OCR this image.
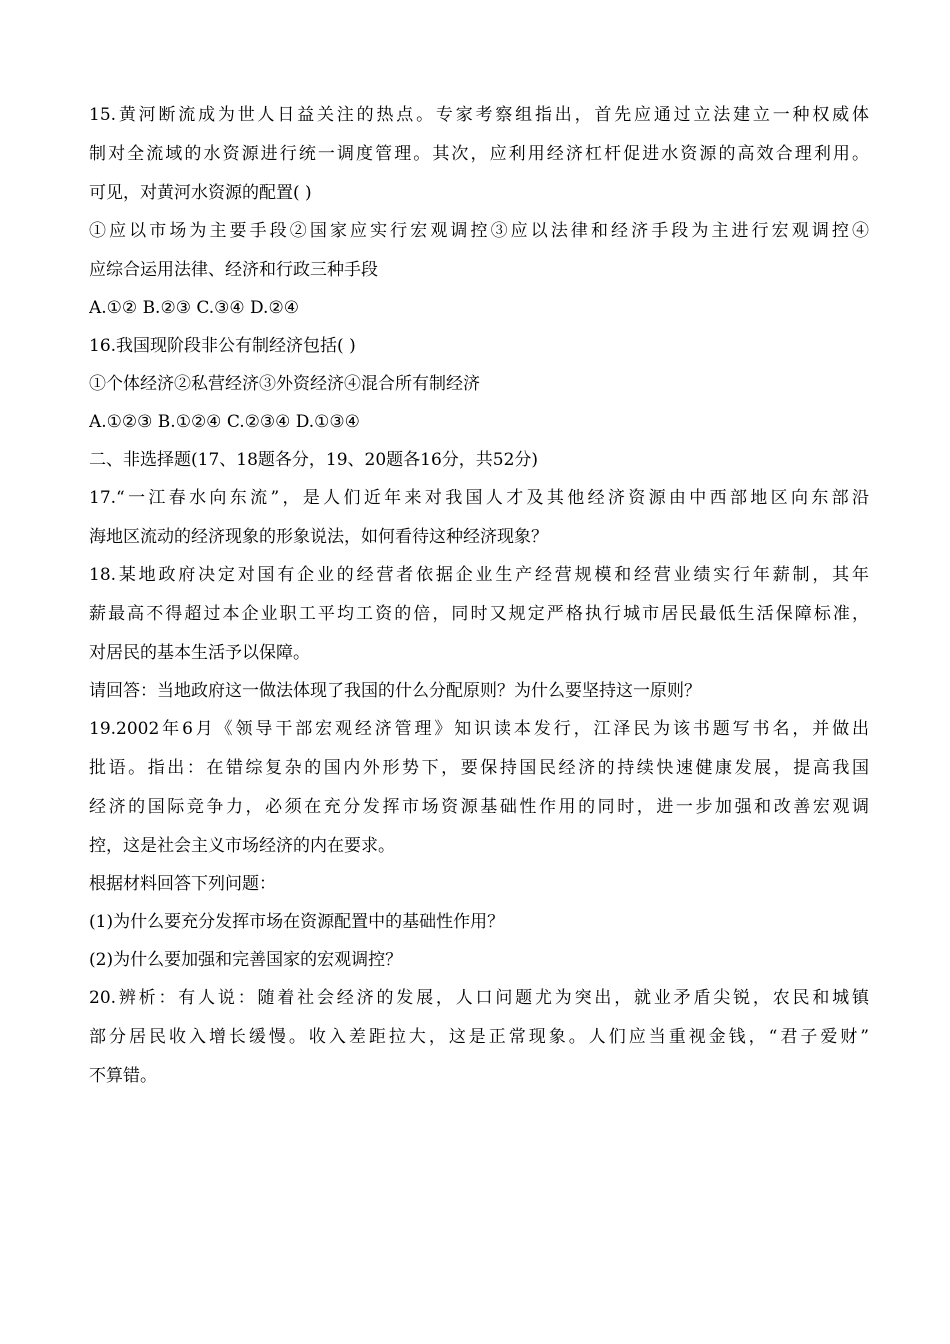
15.黄河断流成为世人日益关注的热点。专家考察组指出，首先应通过立法建立一种权威体

制对全流域的水资源进行统一调度管理。其次，应利用经济杠杆促进水资源的高效合理利用。

可见，对黄河水资源的配置( )

①应以市场为主要手段②国家应实行宏观调控③应以法律和经济手段为主进行宏观调控④

应综合运用法律、经济和行政三种手段

A.①② B.②③ C.③④ D.②④

16.我国现阶段非公有制经济包括( )

①个体经济②私营经济③外资经济④混合所有制经济

A.①②③ B.①②④ C.②③④ D.①③④

二、非选择题(17、18题各分，19、20题各16分，共52分)

17.“一江春水向东流”，是人们近年来对我国人才及其他经济资源由中西部地区向东部沿

海地区流动的经济现象的形象说法，如何看待这种经济现象？

18.某地政府决定对国有企业的经营者依据企业生产经营规模和经营业绩实行年薪制，其年

薪最高不得超过本企业职工平均工资的倍，同时又规定严格执行城市居民最低生活保障标准，

对居民的基本生活予以保障。

请回答：当地政府这一做法体现了我国的什么分配原则？为什么要坚持这一原则？

19.2002年6月《领导干部宏观经济管理》知识读本发行，江泽民为该书题写书名，并做出

批语。指出：在错综复杂的国内外形势下，要保持国民经济的持续快速健康发展，提高我国

经济的国际竞争力，必须在充分发挥市场资源基础性作用的同时，进一步加强和改善宏观调

控，这是社会主义市场经济的内在要求。

根据材料回答下列问题：

(1)为什么要充分发挥市场在资源配置中的基础性作用？

(2)为什么要加强和完善国家的宏观调控？

20.辨析：有人说：随着社会经济的发展，人口问题尤为突出，就业矛盾尖锐，农民和城镇

部分居民收入增长缓慢。收入差距拉大，这是正常现象。人们应当重视金钱，“君子爱财”

不算错。
